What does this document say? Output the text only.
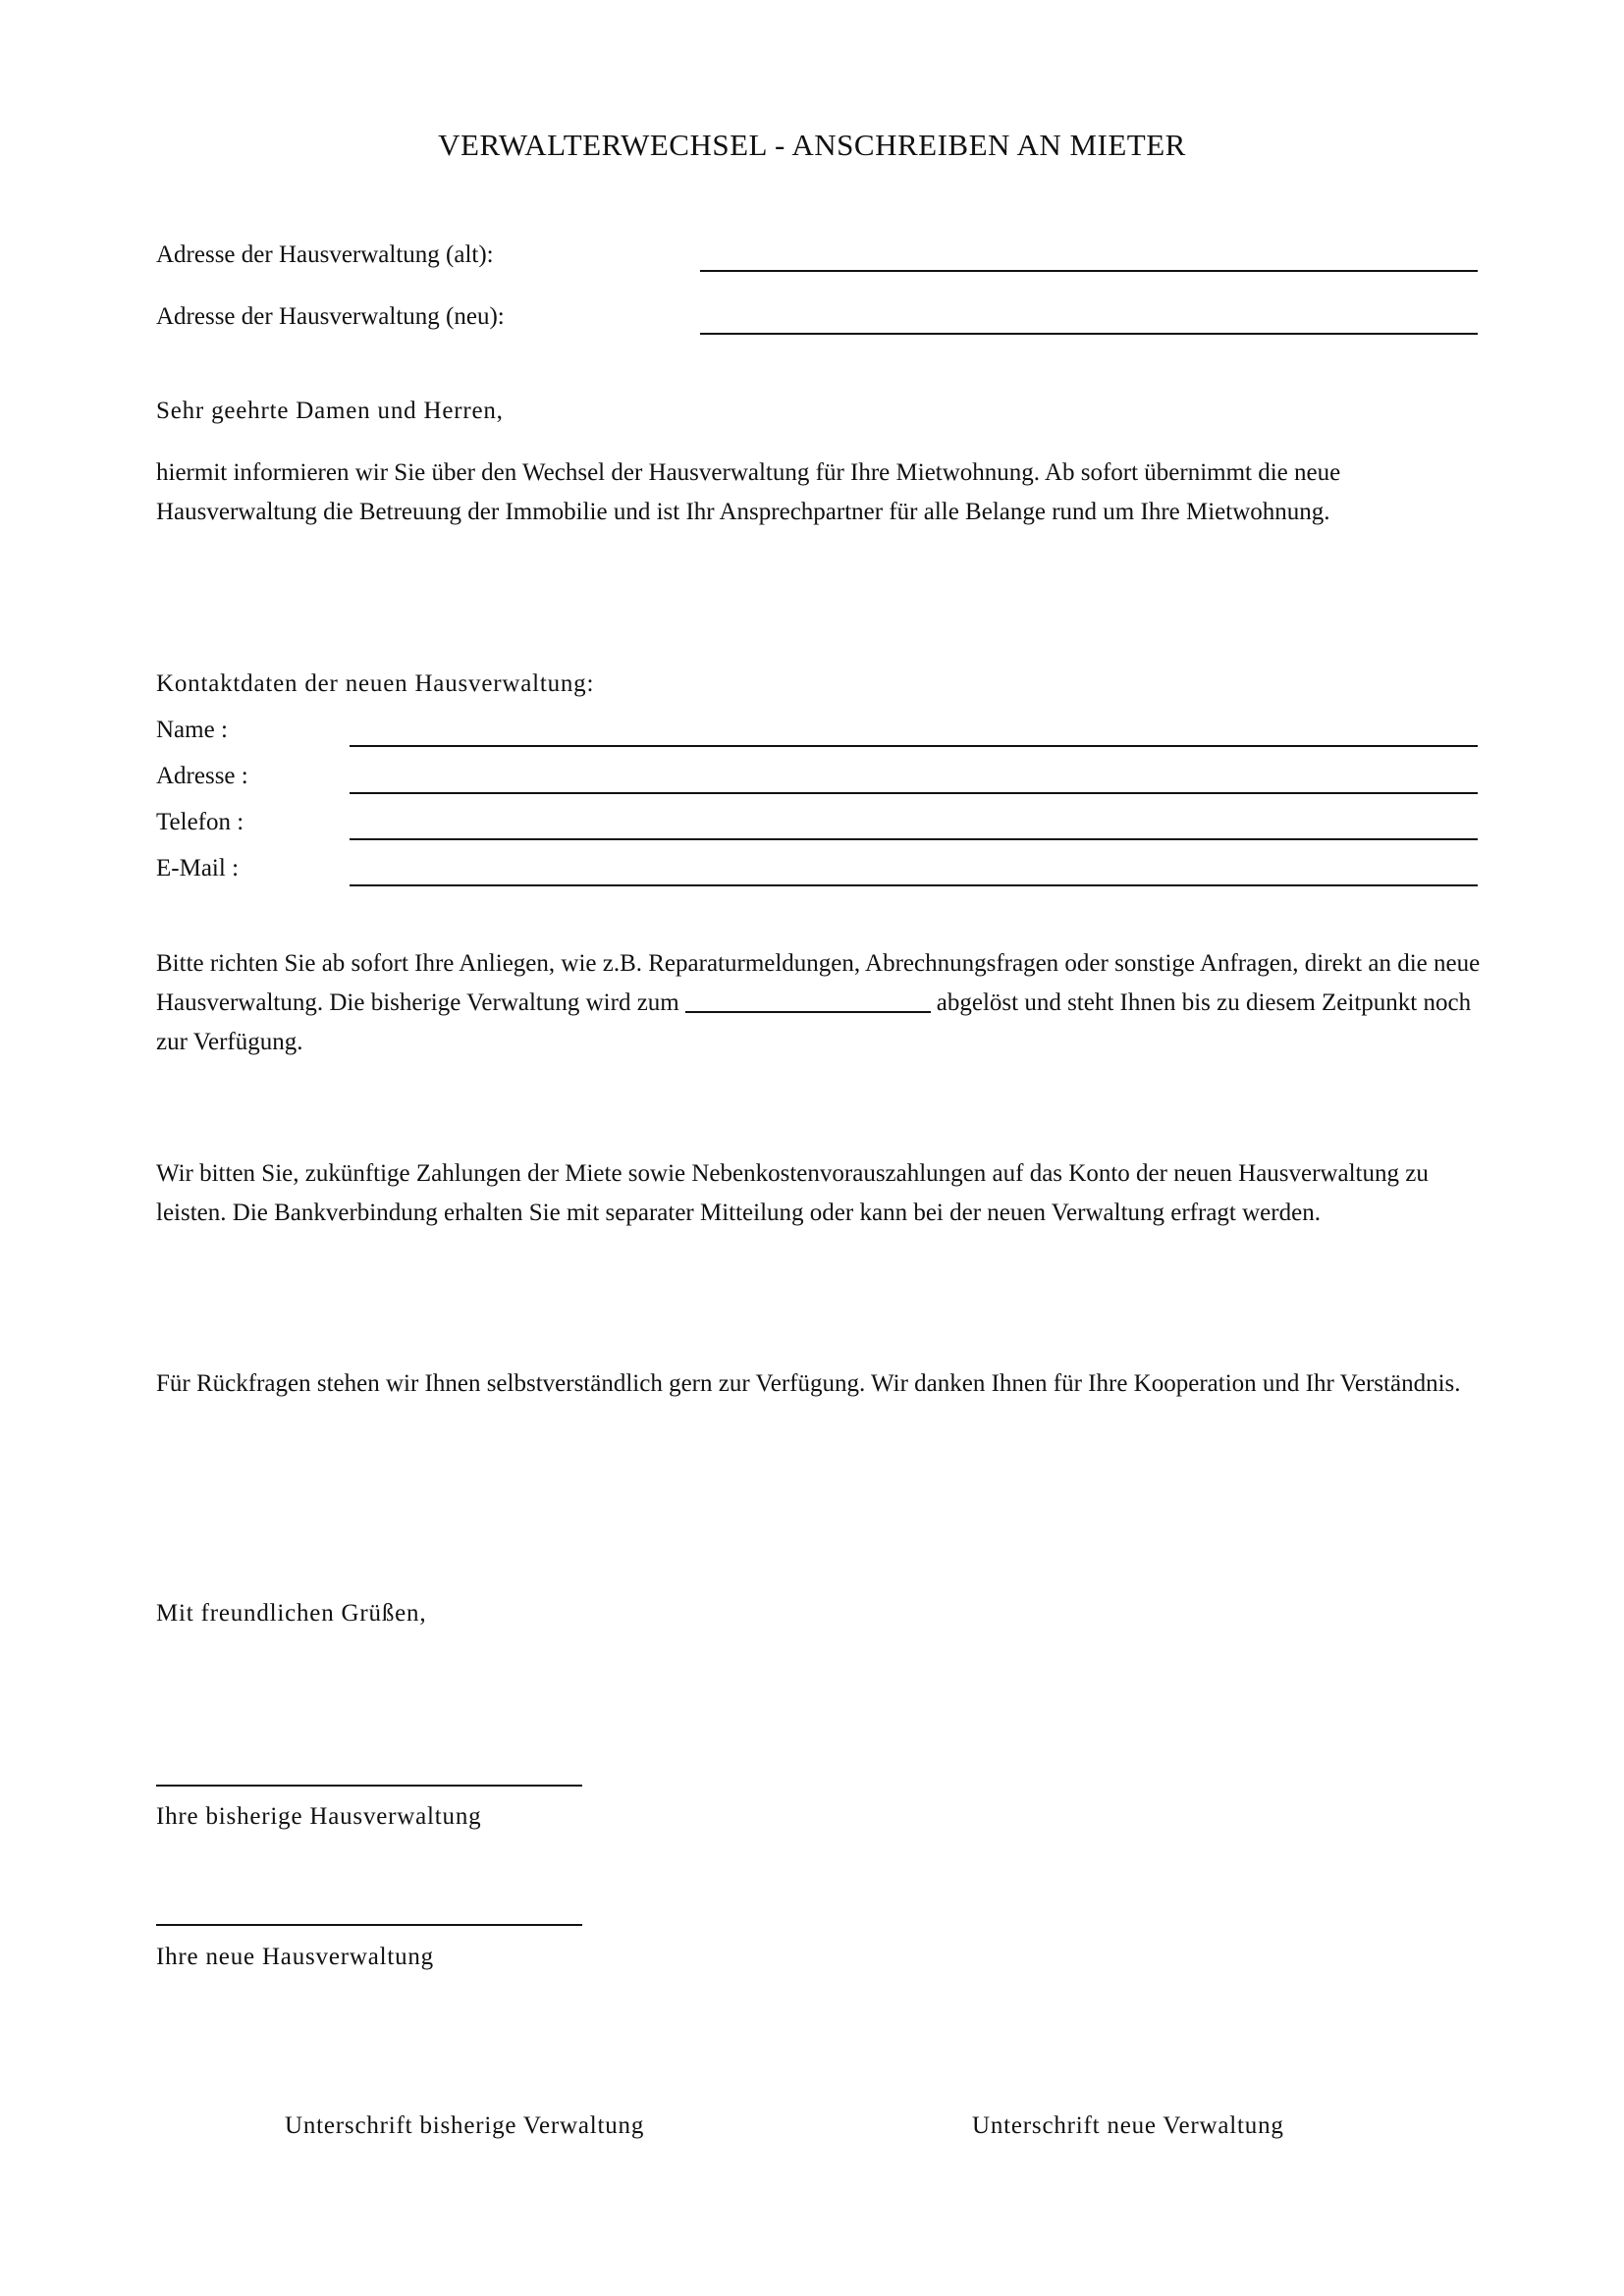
VERWALTERWECHSEL - ANSCHREIBEN AN MIETER
Adresse der Hausverwaltung (alt):
Adresse der Hausverwaltung (neu):
Sehr geehrte Damen und Herren,
hiermit informieren wir Sie über den Wechsel der Hausverwaltung für Ihre Mietwohnung. Ab sofort übernimmt die neue Hausverwaltung die Betreuung der Immobilie und ist Ihr Ansprechpartner für alle Belange rund um Ihre Mietwohnung.
Kontaktdaten der neuen Hausverwaltung:
Name :
Adresse :
Telefon :
E-Mail :
Bitte richten Sie ab sofort Ihre Anliegen, wie z.B. Reparaturmeldungen, Abrechnungsfragen oder sonstige Anfragen, direkt an die neue Hausverwaltung. Die bisherige Verwaltung wird zum	abgelöst und steht Ihnen bis zu diesem Zeitpunkt noch zur Verfügung.
Wir bitten Sie, zukünftige Zahlungen der Miete sowie Nebenkostenvorauszahlungen auf das Konto der neuen Hausverwaltung zu leisten. Die Bankverbindung erhalten Sie mit separater Mitteilung oder kann bei der neuen Verwaltung erfragt werden.
Für Rückfragen stehen wir Ihnen selbstverständlich gern zur Verfügung. Wir danken Ihnen für Ihre Kooperation und Ihr Verständnis.
Mit freundlichen Grüßen,
Ihre bisherige Hausverwaltung
Ihre neue Hausverwaltung
Unterschrift bisherige Verwaltung	Unterschrift neue Verwaltung
